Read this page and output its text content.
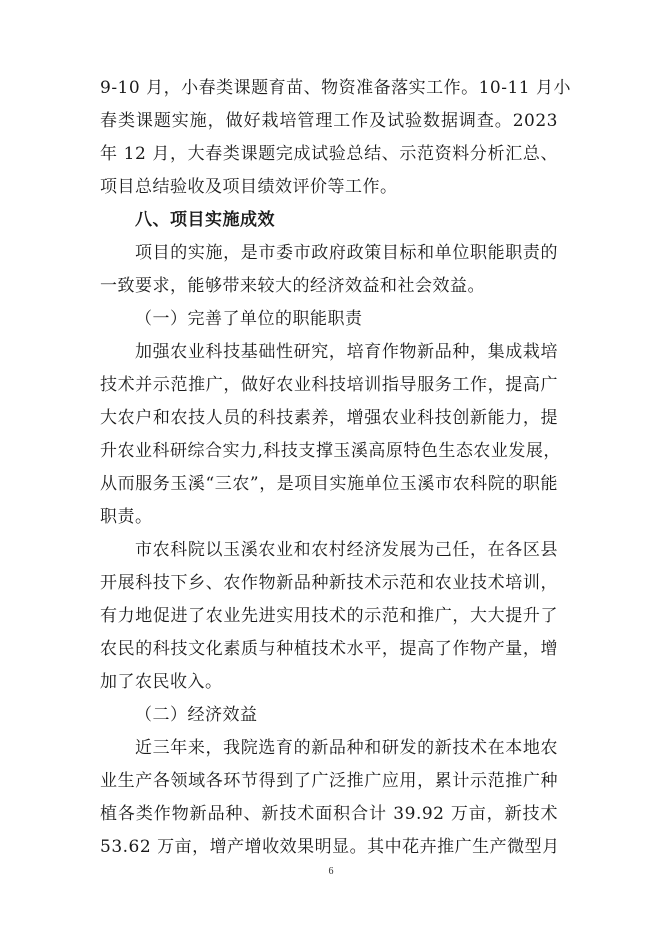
9-10 月，小春类课题育苗、物资准备落实工作。10-11 月小
春类课题实施，做好栽培管理工作及试验数据调查。2023
年 12 月，大春类课题完成试验总结、示范资料分析汇总、
项目总结验收及项目绩效评价等工作。
八、项目实施成效
项目的实施，是市委市政府政策目标和单位职能职责的
一致要求，能够带来较大的经济效益和社会效益。
（一）完善了单位的职能职责
加强农业科技基础性研究，培育作物新品种，集成栽培
技术并示范推广，做好农业科技培训指导服务工作，提高广
大农户和农技人员的科技素养，增强农业科技创新能力，提
升农业科研综合实力,科技支撑玉溪高原特色生态农业发展，
从而服务玉溪“三农”，是项目实施单位玉溪市农科院的职能
职责。
市农科院以玉溪农业和农村经济发展为己任，在各区县
开展科技下乡、农作物新品种新技术示范和农业技术培训，
有力地促进了农业先进实用技术的示范和推广，大大提升了
农民的科技文化素质与种植技术水平，提高了作物产量，增
加了农民收入。
（二）经济效益
近三年来，我院选育的新品种和研发的新技术在本地农
业生产各领域各环节得到了广泛推广应用，累计示范推广种
植各类作物新品种、新技术面积合计 39.92 万亩，新技术
53.62 万亩，增产增收效果明显。其中花卉推广生产微型月
6
